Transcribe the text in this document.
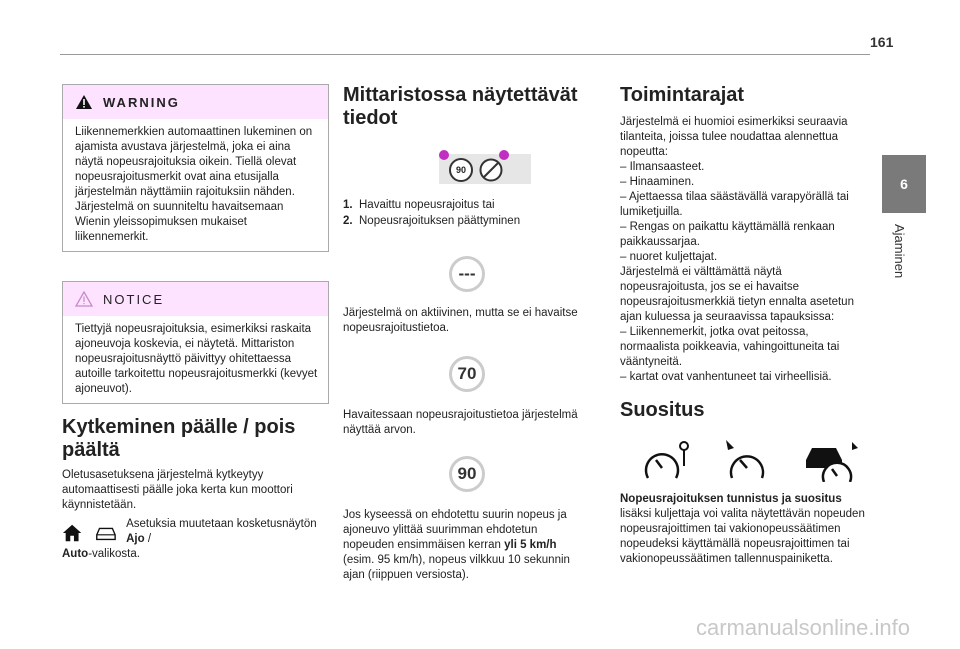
161
6
Ajaminen
WARNING
Liikennemerkkien automaattinen lukeminen on ajamista avustava järjestelmä, joka ei aina näytä nopeusrajoituksia oikein. Tiellä olevat nopeusrajoitusmerkit ovat aina etusijalla järjestelmän näyttämiin rajoituksiin nähden. Järjestelmä on suunniteltu havaitsemaan Wienin yleissopimuksen mukaiset liikennemerkit.
NOTICE
Tiettyjä nopeusrajoituksia, esimerkiksi raskaita ajoneuvoja koskevia, ei näytetä. Mittariston nopeusrajoitusnäyttö päivittyy ohitettaessa autoille tarkoitettu nopeusrajoitusmerkki (kevyet ajoneuvot).
Kytkeminen päälle / pois päältä
Oletusasetuksena järjestelmä kytkeytyy automaattisesti päälle joka kerta kun moottori käynnistetään.
Asetuksia muutetaan kosketusnäytön Ajo /
Auto-valikosta.
Mittaristossa näytettävät tiedot
90
1. Havaittu nopeusrajoitus tai
2. Nopeusrajoituksen päättyminen
---
Järjestelmä on aktiivinen, mutta se ei havaitse nopeusrajoitustietoa.
70
Havaitessaan nopeusrajoitustietoa järjestelmä näyttää arvon.
90
Jos kyseessä on ehdotettu suurin nopeus ja ajoneuvo ylittää suurimman ehdotetun nopeuden ensimmäisen kerran yli 5 km/h (esim. 95 km/h), nopeus vilkkuu 10 sekunnin ajan (riippuen versiosta).
Toimintarajat
Järjestelmä ei huomioi esimerkiksi seuraavia tilanteita, joissa tulee noudattaa alennettua nopeutta:
– Ilmansaasteet.
– Hinaaminen.
– Ajettaessa tilaa säästävällä varapyörällä tai lumiketjuilla.
– Rengas on paikattu käyttämällä renkaan paikkaussarjaa.
– nuoret kuljettajat.
Järjestelmä ei välttämättä näytä nopeusrajoitusta, jos se ei havaitse nopeusrajoitusmerkkiä tietyn ennalta asetetun ajan kuluessa ja seuraavissa tapauksissa:
– Liikennemerkit, jotka ovat peitossa, normaalista poikkeavia, vahingoittuneita tai vääntyneitä.
– kartat ovat vanhentuneet tai virheellisiä.
Suositus
Nopeusrajoituksen tunnistus ja suositus
lisäksi kuljettaja voi valita näytettävän nopeuden nopeusrajoittimen tai vakionopeussäätimen nopeudeksi käyttämällä nopeusrajoittimen tai vakionopeussäätimen tallennuspainiketta.
carmanualsonline.info
